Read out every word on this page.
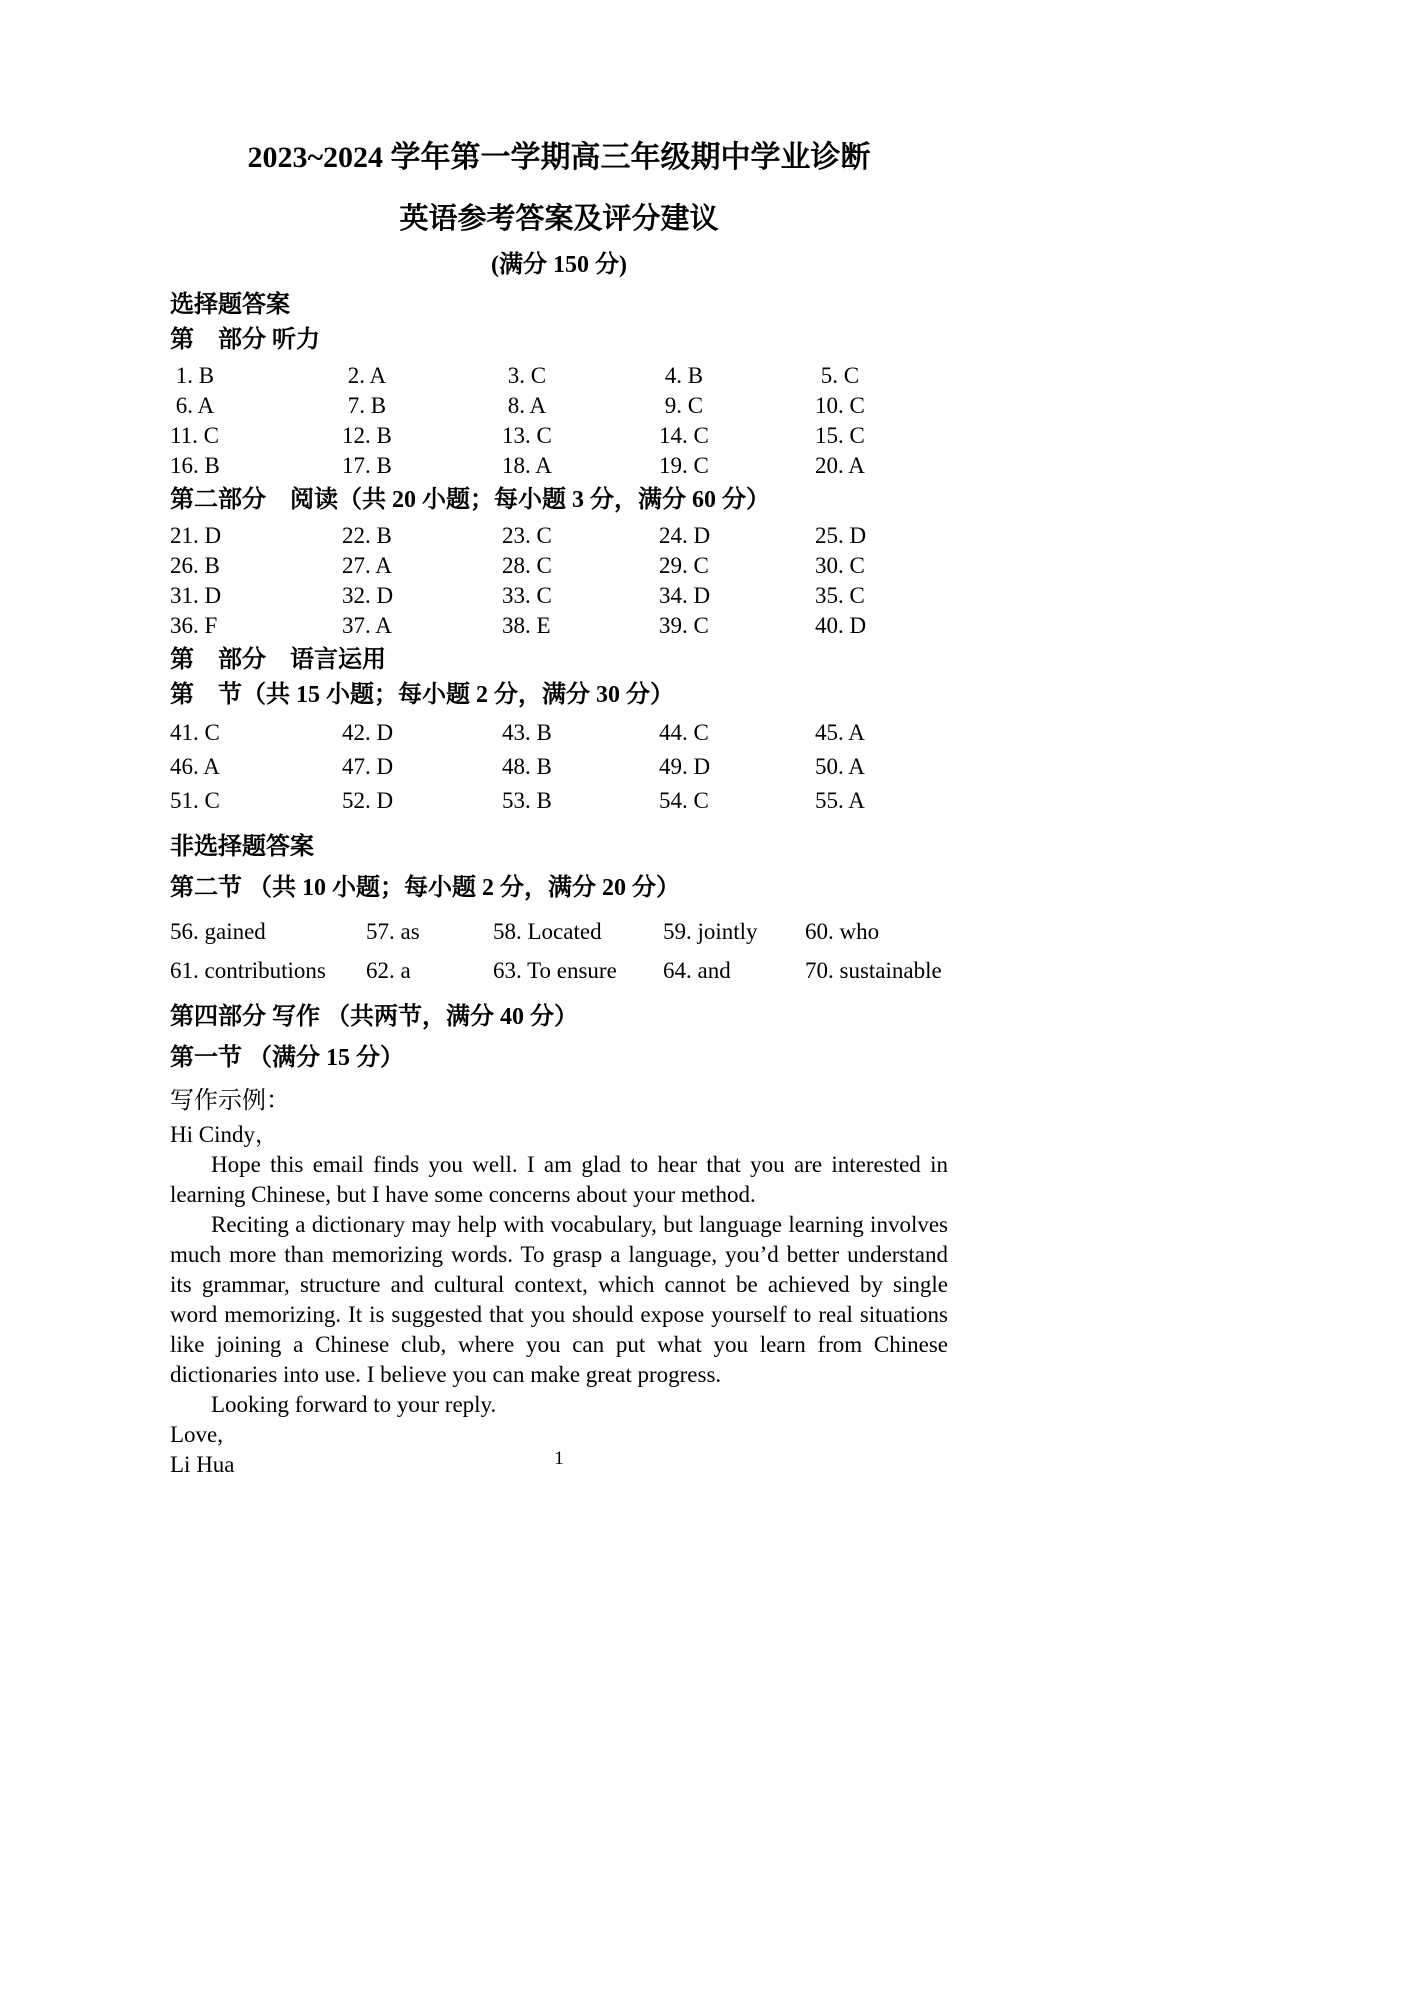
2023~2024 学年第一学期高三年级期中学业诊断
英语参考答案及评分建议
(满分 150 分)
选择题答案
第　部分 听力
1. B	2. A	3. C	4. B	5. C
6. A	7. B	8. A	9. C	10. C
11. C	12. B	13. C	14. C	15. C
16. B	17. B	18. A	19. C	20. A
第二部分　阅读（共 20 小题；每小题 3 分，满分 60 分）
21. D	22. B	23. C	24. D	25. D
26. B	27. A	28. C	29. C	30. C
31. D	32. D	33. C	34. D	35. C
36. F	37. A	38. E	39. C	40. D
第　部分　语言运用
第　节（共 15 小题；每小题 2 分，满分 30 分）
41. C	42. D	43. B	44. C	45. A
46. A	47. D	48. B	49. D	50. A
51. C	52. D	53. B	54. C	55. A
非选择题答案
第二节 （共 10 小题；每小题 2 分，满分 20 分）
56. gained	57. as	58. Located	59. jointly	60. who
61. contributions	62. a	63. To ensure	64. and	70. sustainable
第四部分 写作 （共两节，满分 40 分）
第一节 （满分 15 分）
写作示例：
Hi Cindy，

Hope this email finds you well. I am glad to hear that you are interested in learning Chinese, but I have some concerns about your method.

Reciting a dictionary may help with vocabulary, but language learning involves much more than memorizing words. To grasp a language, you’d better understand its grammar, structure and cultural context, which cannot be achieved by single word memorizing. It is suggested that you should expose yourself to real situations like joining a Chinese club, where you can put what you learn from Chinese dictionaries into use. I believe you can make great progress.

Looking forward to your reply.

Love,
Li Hua	1
